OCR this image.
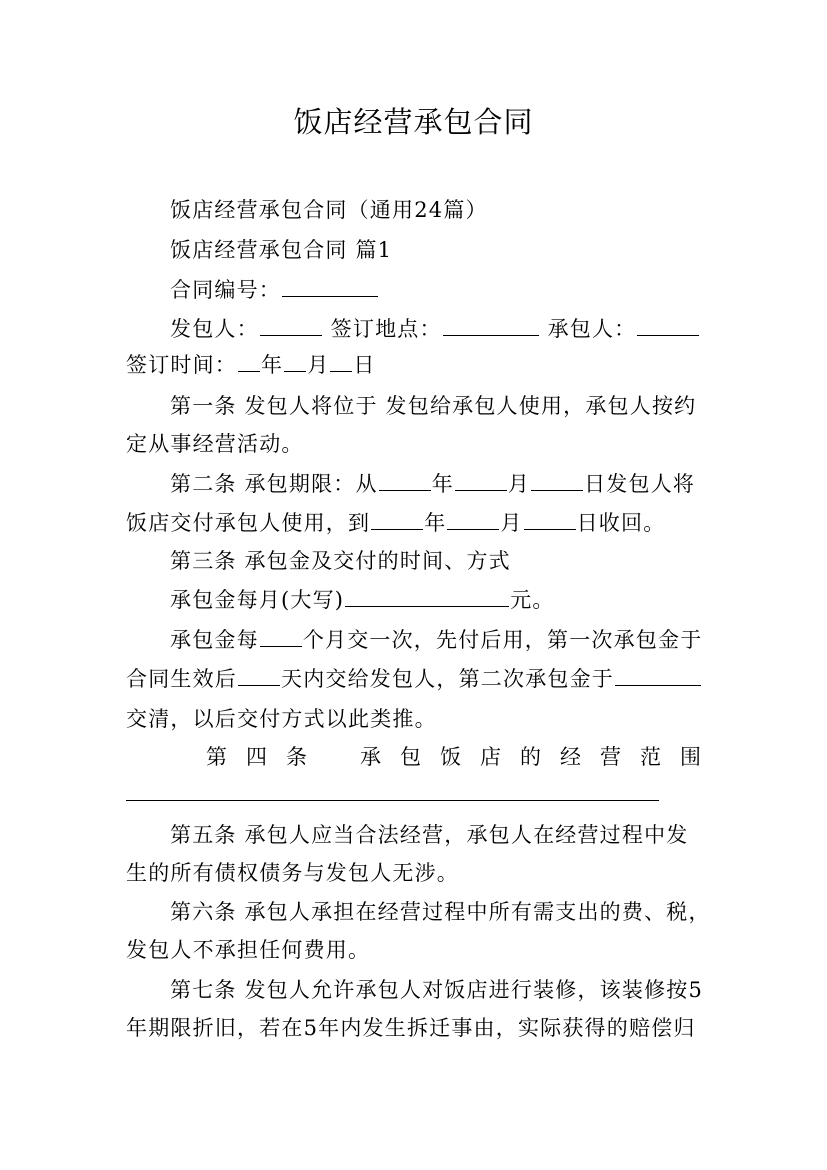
饭店经营承包合同
饭店经营承包合同（通用24篇）
饭店经营承包合同 篇1
合同编号：
发包人：	签订地点：	承包人：
签订时间： 年 月 日
第一条 发包人将位于 发包给承包人使用，承包人按约
定从事经营活动。
第二条 承包期限：从	年	月	日发包人将
饭店交付承包人使用，到	年	月	日收回。
第三条 承包金及交付的时间、方式
承包金每月(大写)	元。
承包金每 个月交一次，先付后用，第一次承包金于
合同生效后 天内交给发包人，第二次承包金于
交清，以后交付方式以此类推。
第 四 条	承 包 饭 店 的 经 营 范 围
第五条 承包人应当合法经营，承包人在经营过程中发
生的所有债权债务与发包人无涉。
第六条 承包人承担在经营过程中所有需支出的费、税，
发包人不承担任何费用。
第七条 发包人允许承包人对饭店进行装修，该装修按5
年期限折旧，若在5年内发生拆迁事由，实际获得的赔偿归
